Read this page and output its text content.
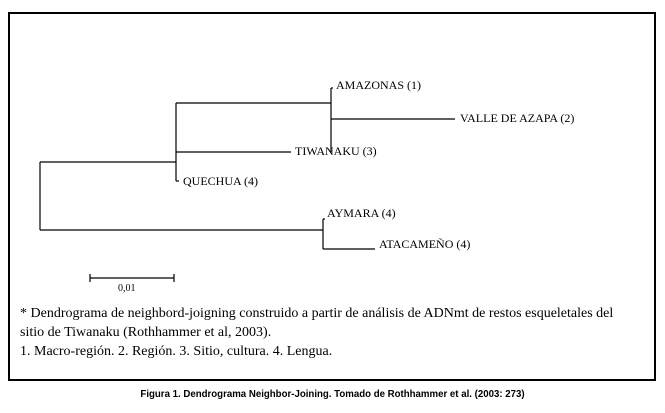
AMAZONAS (1)
VALLE DE AZAPA (2)
TIWANAKU (3)
QUECHUA (4)
AYMARA (4)
ATACAMEÑO (4)
0,01
* Dendrograma de neighbord-joigning construido a partir de análisis de ADNmt de restos esqueletales del
sitio de Tiwanaku (Rothhammer et al, 2003).
1. Macro-región. 2. Región. 3. Sitio, cultura. 4. Lengua.
Figura 1. Dendrograma Neighbor-Joining. Tomado de Rothhammer et al. (2003: 273)
